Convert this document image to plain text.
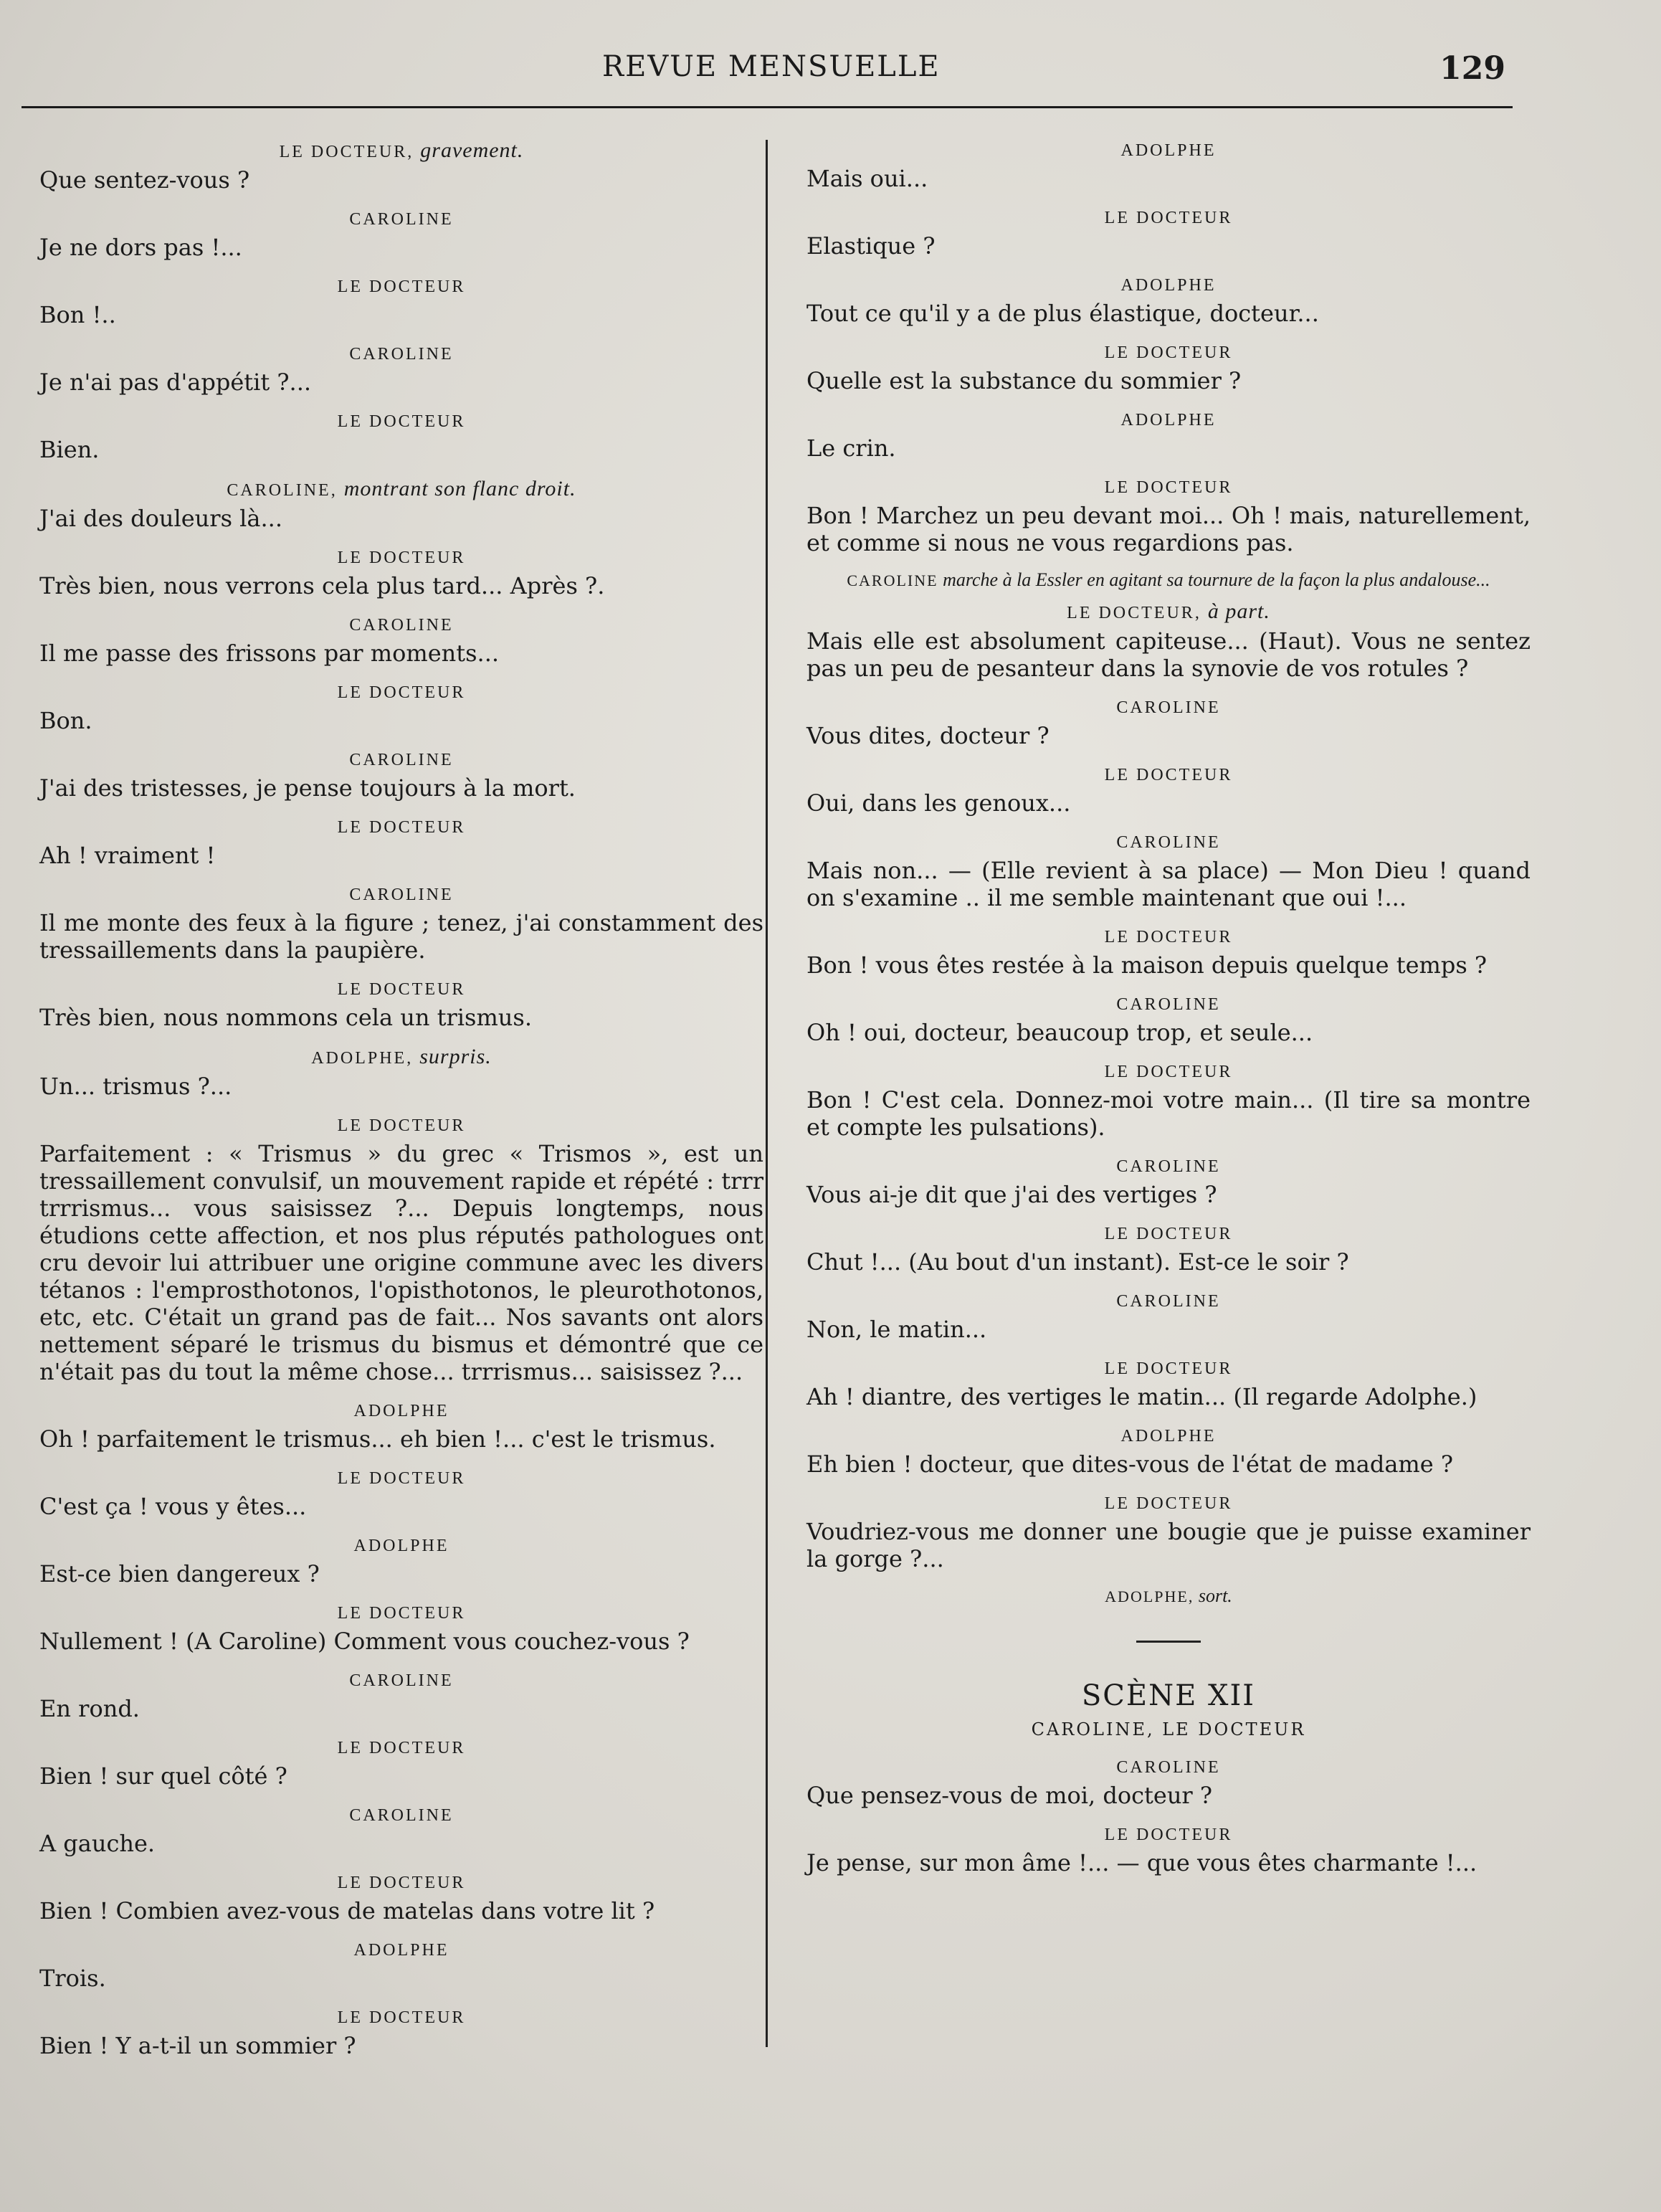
REVUE MENSUELLE	129
LE DOCTEUR, gravement.
Que sentez-vous ?
CAROLINE
Je ne dors pas !...
LE DOCTEUR
Bon !..
CAROLINE
Je n'ai pas d'appétit ?...
LE DOCTEUR
Bien.
CAROLINE, montrant son flanc droit.
J'ai des douleurs là...
LE DOCTEUR
Très bien, nous verrons cela plus tard... Après ?.
CAROLINE
Il me passe des frissons par moments...
LE DOCTEUR
Bon.
CAROLINE
J'ai des tristesses, je pense toujours à la mort.
LE DOCTEUR
Ah ! vraiment !
CAROLINE
Il me monte des feux à la figure ; tenez, j'ai constamment des tressaillements dans la paupière.
LE DOCTEUR
Très bien, nous nommons cela un trismus.
ADOLPHE, surpris.
Un... trismus ?...
LE DOCTEUR
Parfaitement : « Trismus » du grec « Trismos », est un tressaillement convulsif, un mouvement rapide et répété : trrr trrrismus... vous saisissez ?... Depuis longtemps, nous étudions cette affection, et nos plus réputés pathologues ont cru devoir lui attribuer une origine commune avec les divers tétanos : l'emprosthotonos, l'opisthotonos, le pleurothotonos, etc, etc. C'était un grand pas de fait... Nos savants ont alors nettement séparé le trismus du bismus et démontré que ce n'était pas du tout la même chose... trrrismus... saisissez ?...
ADOLPHE
Oh ! parfaitement le trismus... eh bien !... c'est le trismus.
LE DOCTEUR
C'est ça ! vous y êtes...
ADOLPHE
Est-ce bien dangereux ?
LE DOCTEUR
Nullement ! (A Caroline) Comment vous couchez-vous ?
CAROLINE
En rond.
LE DOCTEUR
Bien ! sur quel côté ?
CAROLINE
A gauche.
LE DOCTEUR
Bien ! Combien avez-vous de matelas dans votre lit ?
ADOLPHE
Trois.
LE DOCTEUR
Bien ! Y a-t-il un sommier ?
ADOLPHE
Mais oui...
LE DOCTEUR
Elastique ?
ADOLPHE
Tout ce qu'il y a de plus élastique, docteur...
LE DOCTEUR
Quelle est la substance du sommier ?
ADOLPHE
Le crin.
LE DOCTEUR
Bon ! Marchez un peu devant moi... Oh ! mais, naturellement, et comme si nous ne vous regardions pas.
CAROLINE marche à la Essler en agitant sa tournure de la façon la plus andalouse...
LE DOCTEUR, à part.
Mais elle est absolument capiteuse... (Haut). Vous ne sentez pas un peu de pesanteur dans la synovie de vos rotules ?
CAROLINE
Vous dites, docteur ?
LE DOCTEUR
Oui, dans les genoux...
CAROLINE
Mais non... — (Elle revient à sa place) — Mon Dieu ! quand on s'examine .. il me semble maintenant que oui !...
LE DOCTEUR
Bon ! vous êtes restée à la maison depuis quelque temps ?
CAROLINE
Oh ! oui, docteur, beaucoup trop, et seule...
LE DOCTEUR
Bon ! C'est cela. Donnez-moi votre main... (Il tire sa montre et compte les pulsations).
CAROLINE
Vous ai-je dit que j'ai des vertiges ?
LE DOCTEUR
Chut !... (Au bout d'un instant). Est-ce le soir ?
CAROLINE
Non, le matin...
LE DOCTEUR
Ah ! diantre, des vertiges le matin... (Il regarde Adolphe.)
ADOLPHE
Eh bien ! docteur, que dites-vous de l'état de madame ?
LE DOCTEUR
Voudriez-vous me donner une bougie que je puisse examiner la gorge ?...
ADOLPHE, sort.
SCÈNE XII
CAROLINE, LE DOCTEUR
CAROLINE
Que pensez-vous de moi, docteur ?
LE DOCTEUR
Je pense, sur mon âme !... — que vous êtes charmante !...
